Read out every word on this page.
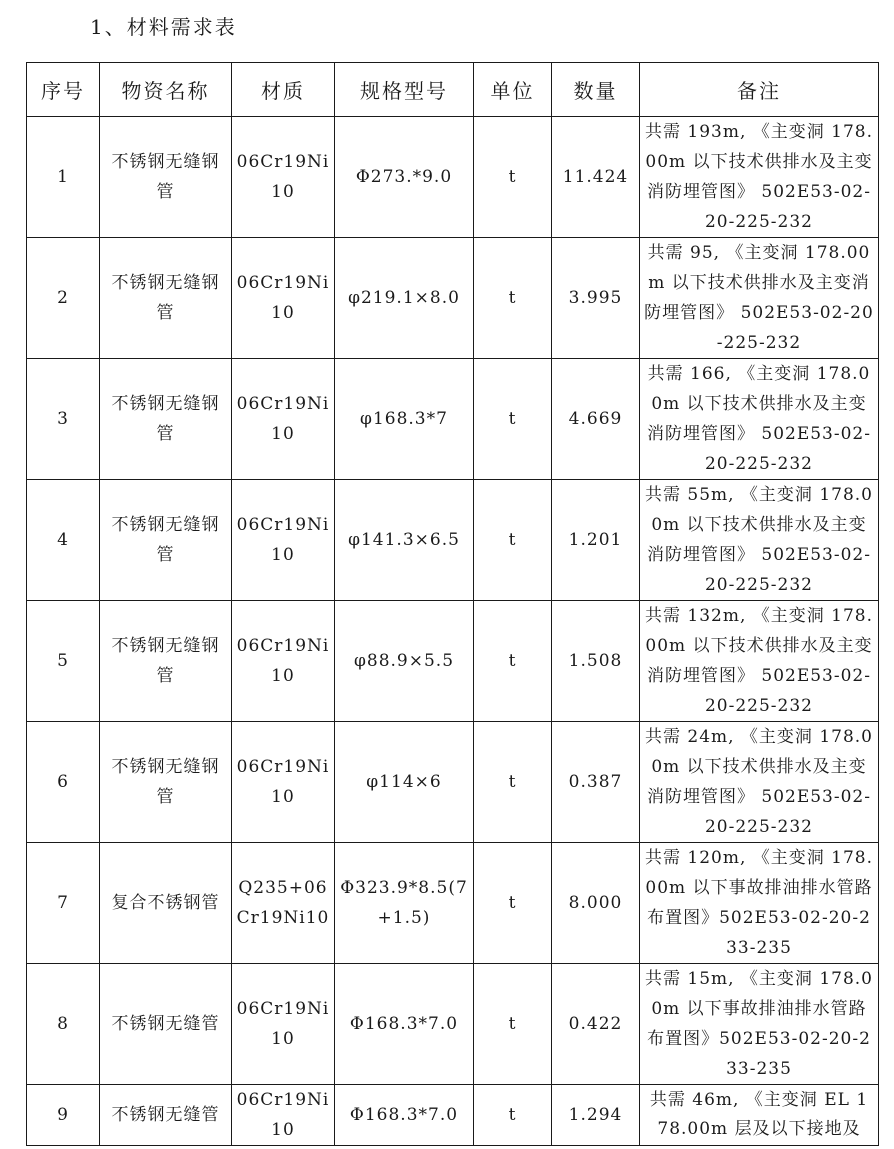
1、材料需求表
序号	物资名称	材质	规格型号	单位	数量	备注
1	不锈钢无缝钢管	06Cr19Ni10	Φ273.*9.0	t	11.424	共需 193m, 《主变洞 178.00m 以下技术供排水及主变消防埋管图》 502E53-02-20-225-232
2	不锈钢无缝钢管	06Cr19Ni10	φ219.1×8.0	t	3.995	共需 95, 《主变洞 178.00m 以下技术供排水及主变消防埋管图》 502E53-02-20-225-232
3	不锈钢无缝钢管	06Cr19Ni10	φ168.3*7	t	4.669	共需 166, 《主变洞 178.00m 以下技术供排水及主变消防埋管图》 502E53-02-20-225-232
4	不锈钢无缝钢管	06Cr19Ni10	φ141.3×6.5	t	1.201	共需 55m, 《主变洞 178.00m 以下技术供排水及主变消防埋管图》 502E53-02-20-225-232
5	不锈钢无缝钢管	06Cr19Ni10	φ88.9×5.5	t	1.508	共需 132m, 《主变洞 178.00m 以下技术供排水及主变消防埋管图》 502E53-02-20-225-232
6	不锈钢无缝钢管	06Cr19Ni10	φ114×6	t	0.387	共需 24m, 《主变洞 178.00m 以下技术供排水及主变消防埋管图》 502E53-02-20-225-232
7	复合不锈钢管	Q235+06Cr19Ni10	Φ323.9*8.5(7+1.5)	t	8.000	共需 120m, 《主变洞 178.00m 以下事故排油排水管路布置图》502E53-02-20-233-235
8	不锈钢无缝管	06Cr19Ni10	Φ168.3*7.0	t	0.422	共需 15m, 《主变洞 178.00m 以下事故排油排水管路布置图》502E53-02-20-233-235
9	不锈钢无缝管	06Cr19Ni10	Φ168.3*7.0	t	1.294	共需 46m, 《主变洞 EL 178.00m 层及以下接地及
